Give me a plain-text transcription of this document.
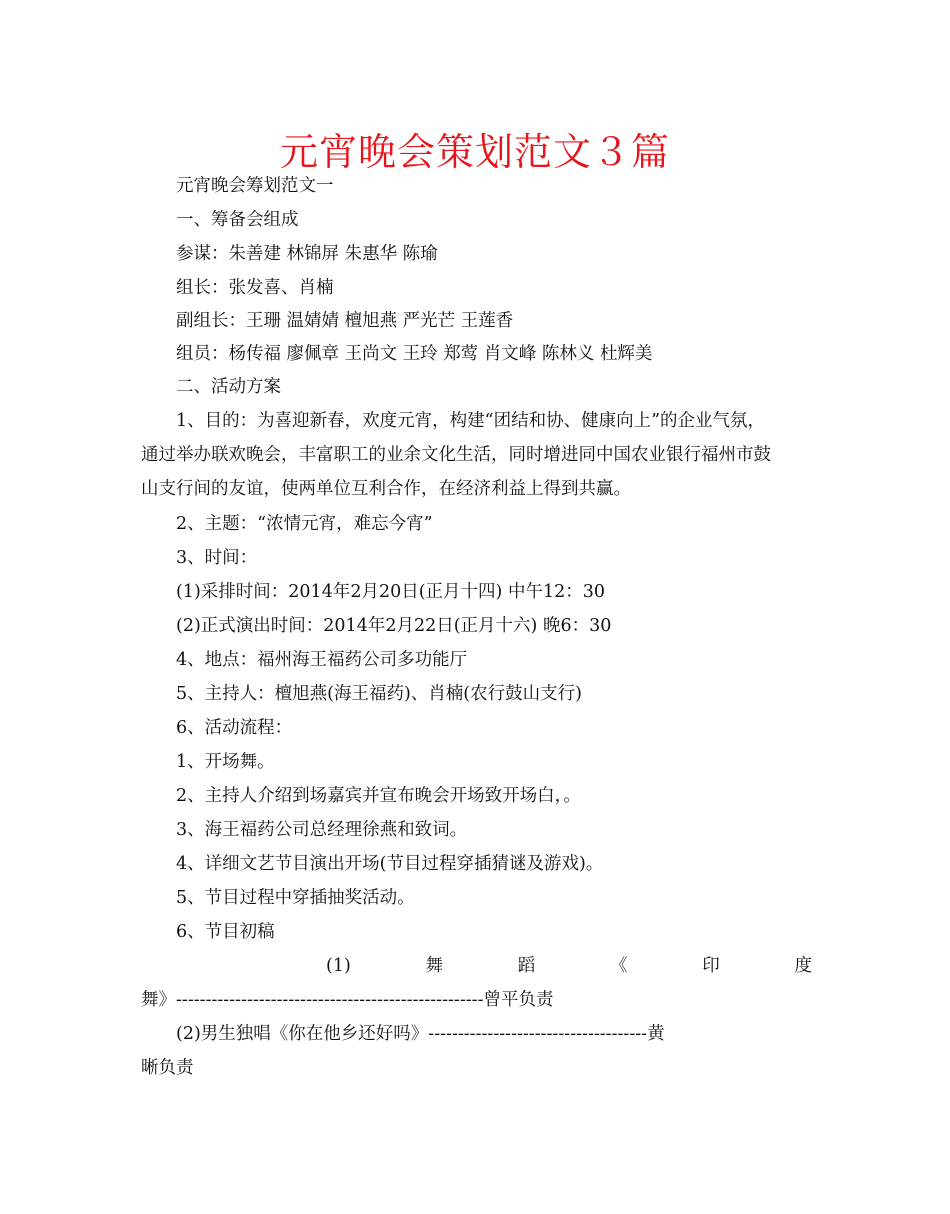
元宵晚会策划范文３篇
元宵晚会筹划范文一
一、筹备会组成
参谋：朱善建 林锦屏 朱惠华 陈瑜
组长：张发喜、肖楠
副组长：王珊 温婧婧 檀旭燕 严光芒 王莲香
组员：杨传福 廖佩章 王尚文 王玲 郑莺 肖文峰 陈林义 杜辉美
二、活动方案
1、目的：为喜迎新春，欢度元宵，构建“团结和协、健康向上”的企业气氛，
通过举办联欢晚会，丰富职工的业余文化生活，同时增进同中国农业银行福州市鼓
山支行间的友谊，使两单位互利合作，在经济利益上得到共赢。
2、主题：“浓情元宵，难忘今宵”
3、时间：
(1)采排时间：2014年2月20日(正月十四) 中午12：30
(2)正式演出时间：2014年2月22日(正月十六) 晚6：30
4、地点：福州海王福药公司多功能厅
5、主持人：檀旭燕(海王福药)、肖楠(农行鼓山支行)
6、活动流程：
1、开场舞。
2、主持人介绍到场嘉宾并宣布晚会开场致开场白，。
3、海王福药公司总经理徐燕和致词。
4、详细文艺节目演出开场(节目过程穿插猜谜及游戏)。
5、节目过程中穿插抽奖活动。
6、节目初稿
(1)	舞	蹈	《	印	度
舞》----------------------------------------------------曾平负责
(2)男生独唱《你在他乡还好吗》-------------------------------------黄
晰负责
